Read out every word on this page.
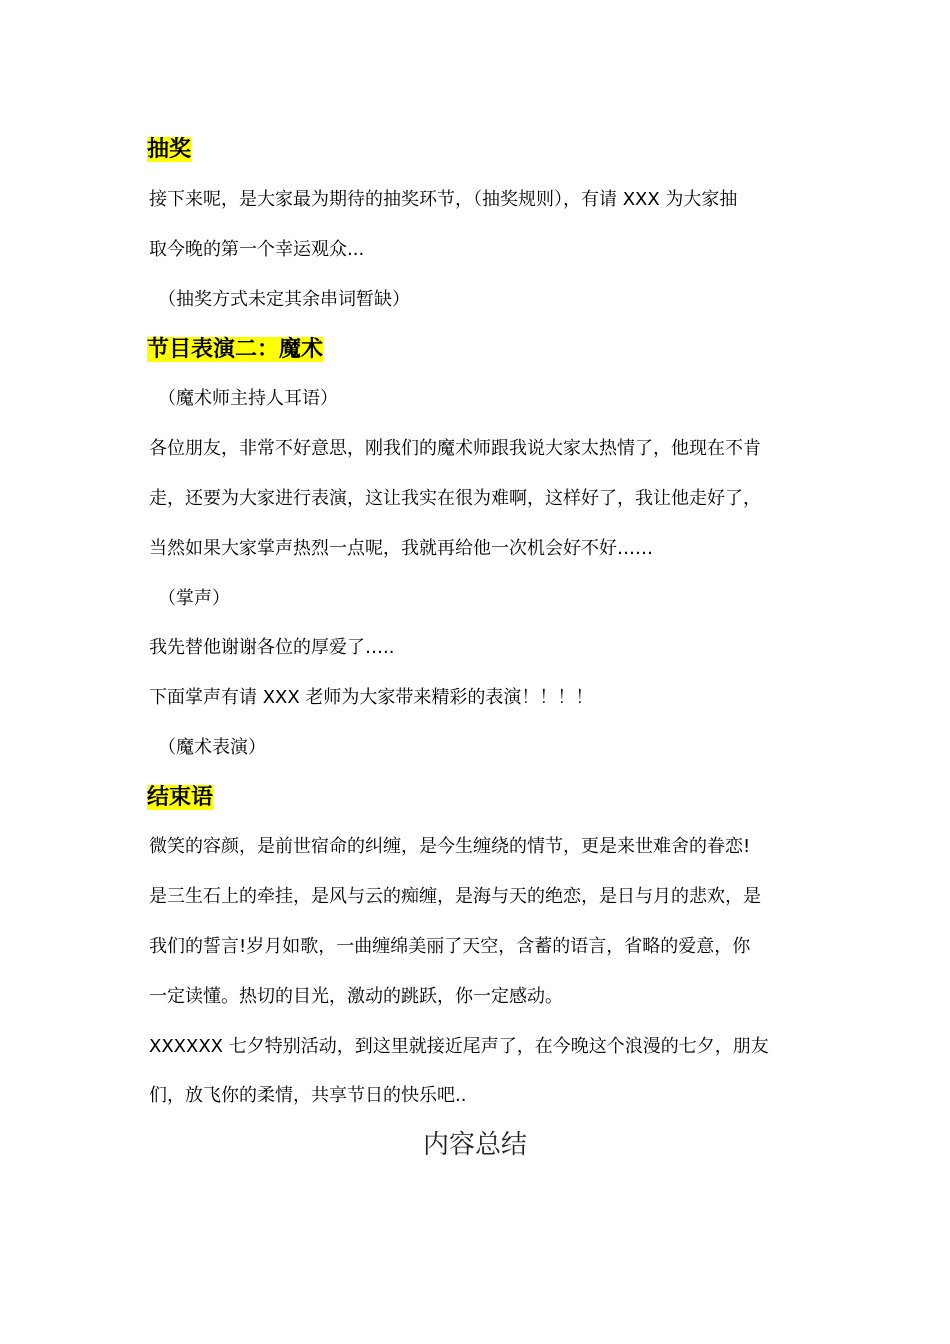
抽奖
接下来呢，是大家最为期待的抽奖环节，（抽奖规则），有请 XXX 为大家抽
取今晚的第一个幸运观众...
（抽奖方式未定其余串词暂缺）
节目表演二：魔术
（魔术师主持人耳语）
各位朋友，非常不好意思，刚我们的魔术师跟我说大家太热情了，他现在不肯
走，还要为大家进行表演，这让我实在很为难啊，这样好了，我让他走好了，
当然如果大家掌声热烈一点呢，我就再给他一次机会好不好……
（掌声）
我先替他谢谢各位的厚爱了…..
下面掌声有请 XXX 老师为大家带来精彩的表演！！！！
（魔术表演）
结束语
微笑的容颜，是前世宿命的纠缠，是今生缠绕的情节，更是来世难舍的眷恋!
是三生石上的牵挂，是风与云的痴缠，是海与天的绝恋，是日与月的悲欢，是
我们的誓言!岁月如歌，一曲缠绵美丽了天空，含蓄的语言，省略的爱意，你
一定读懂。热切的目光，激动的跳跃，你一定感动。
XXXXXX 七夕特别活动，到这里就接近尾声了，在今晚这个浪漫的七夕，朋友
们，放飞你的柔情，共享节日的快乐吧..
内容总结
